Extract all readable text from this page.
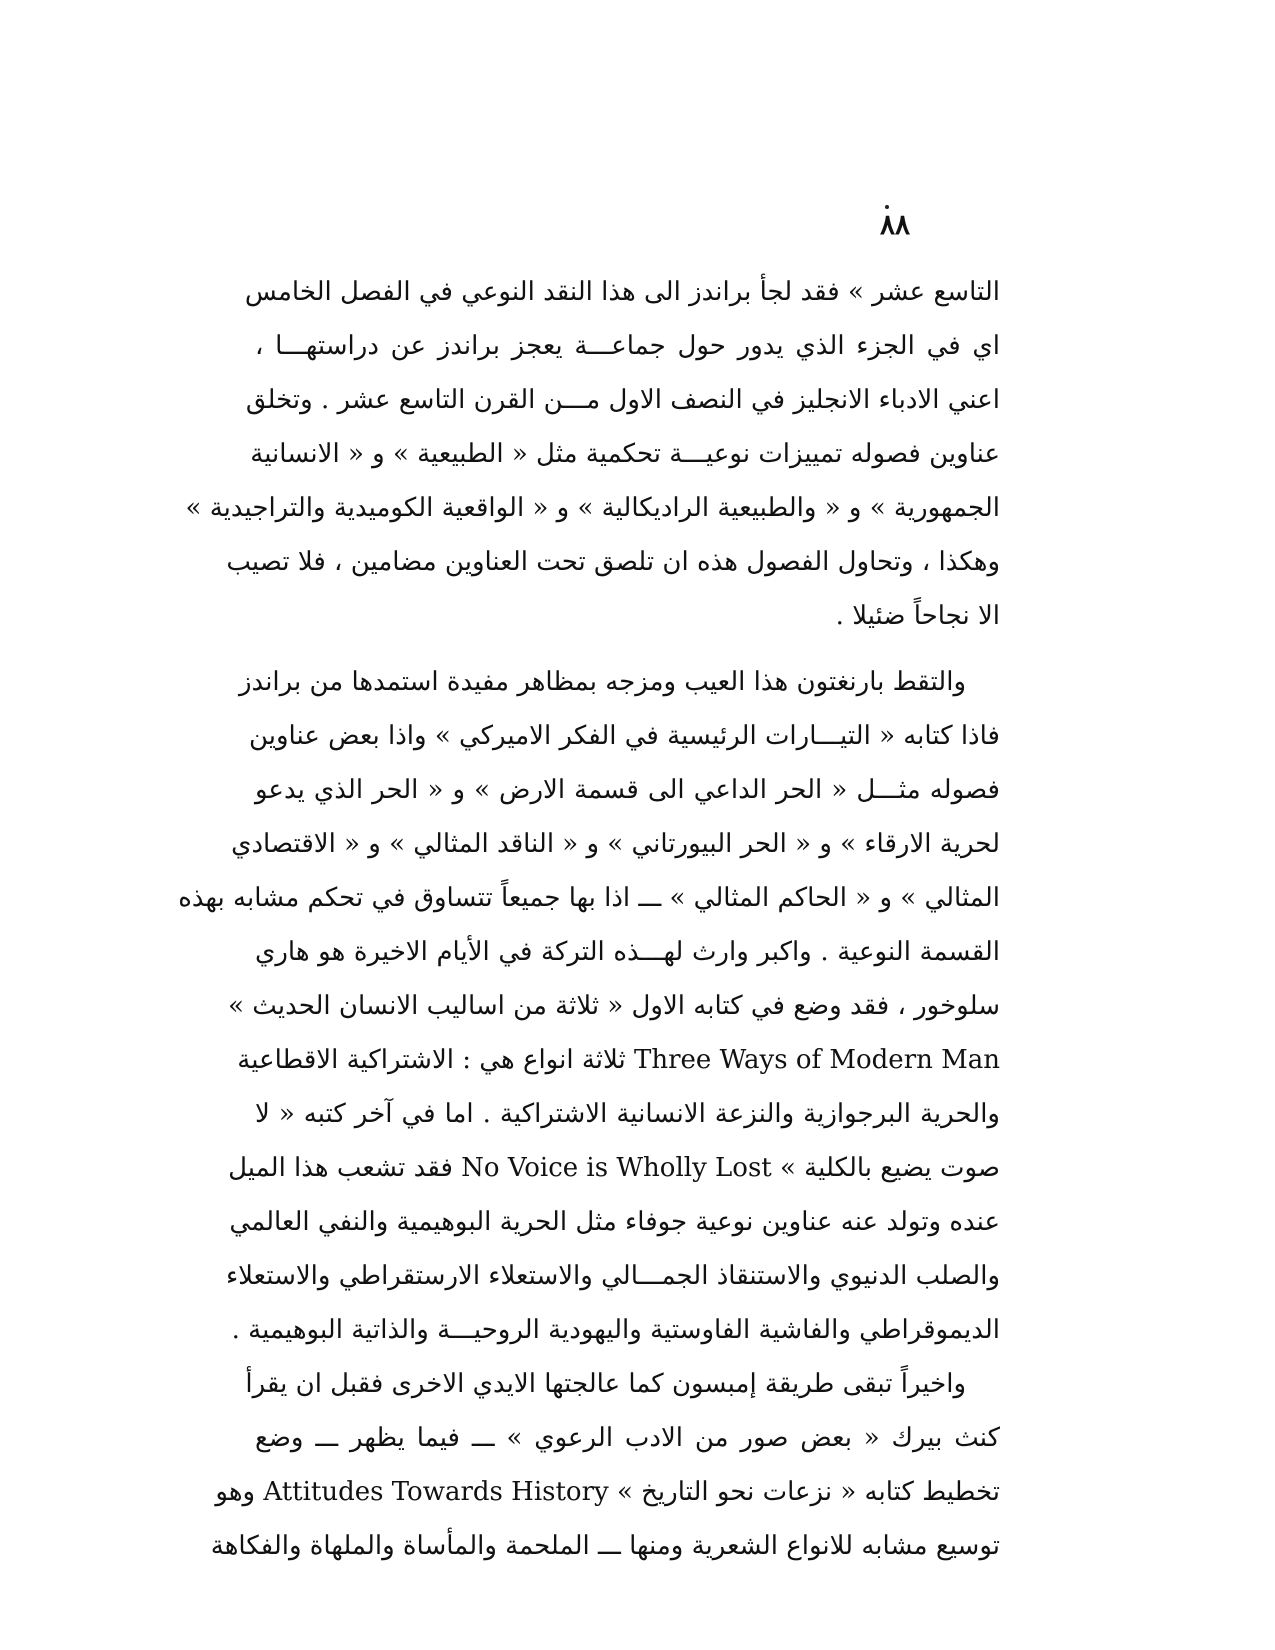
٨٨
التاسع عشر » فقد لجأ براندز الى هذا النقد النوعي في الفصل الخامس
اي في الجزء الذي يدور حول جماعـــة يعجز براندز عن دراستهـــا ،
اعني الادباء الانجليز في النصف الاول مـــن القرن التاسع عشر . وتخلق
عناوين فصوله تمييزات نوعيـــة تحكمية مثل « الطبيعية » و « الانسانية
الجمهورية » و « والطبيعية الراديكالية » و « الواقعية الكوميدية والتراجيدية »
وهكذا ، وتحاول الفصول هذه ان تلصق تحت العناوين مضامين ، فلا تصيب
الا نجاحاً ضئيلا .
والتقط بارنغتون هذا العيب ومزجه بمظاهر مفيدة استمدها من براندز
فاذا كتابه « التيـــارات الرئيسية في الفكر الاميركي » واذا بعض عناوين
فصوله مثـــل « الحر الداعي الى قسمة الارض » و « الحر الذي يدعو
لحرية الارقاء » و « الحر البيورتاني » و « الناقد المثالي » و « الاقتصادي
المثالي » و « الحاكم المثالي » ـــ اذا بها جميعاً تتساوق في تحكم مشابه بهذه
القسمة النوعية . واكبر وارث لهـــذه التركة في الأيام الاخيرة هو هاري
سلوخور ، فقد وضع في كتابه الاول « ثلاثة من اساليب الانسان الحديث »
Three Ways of Modern Man ثلاثة انواع هي : الاشتراكية الاقطاعية
والحرية البرجوازية والنزعة الانسانية الاشتراكية . اما في آخر كتبه « لا
صوت يضيع بالكلية » No Voice is Wholly Lost فقد تشعب هذا الميل
عنده وتولد عنه عناوين نوعية جوفاء مثل الحرية البوهيمية والنفي العالمي
والصلب الدنيوي والاستنقاذ الجمـــالي والاستعلاء الارستقراطي والاستعلاء
الديموقراطي والفاشية الفاوستية واليهودية الروحيـــة والذاتية البوهيمية .
واخيراً تبقى طريقة إمبسون كما عالجتها الايدي الاخرى فقبل ان يقرأ
كنث بيرك « بعض صور من الادب الرعوي » ـــ فيما يظهر ـــ وضع
تخطيط كتابه « نزعات نحو التاريخ » Attitudes Towards History وهو
توسيع مشابه للانواع الشعرية ومنها ـــ الملحمة والمأساة والملهاة والفكاهة
